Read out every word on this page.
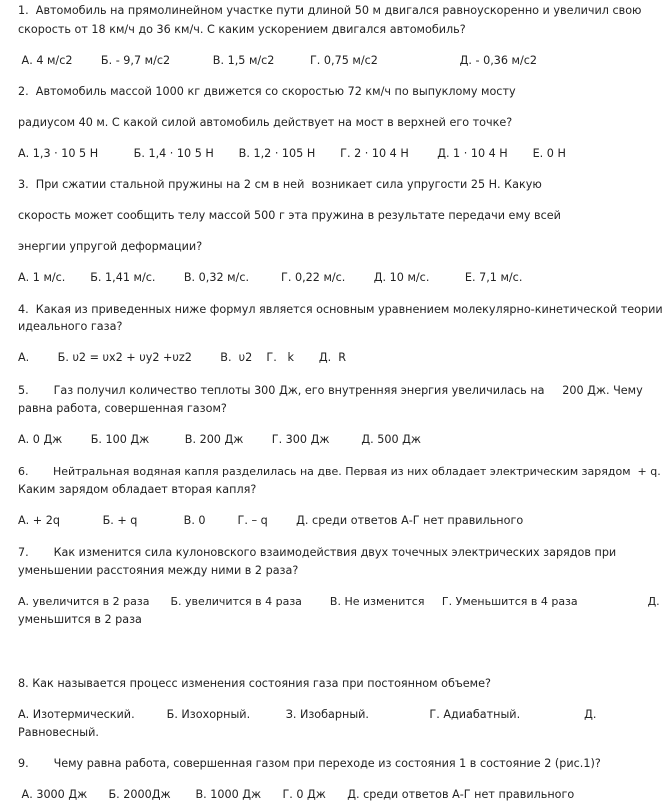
1.  Автомобиль на прямолинейном участке пути длиной 50 м двигался равноускоренно и увеличил свою
скорость от 18 км/ч до 36 км/ч. С каким ускорением двигался автомобиль?
А. 4 м/с2        Б. - 9,7 м/с2            В. 1,5 м/с2          Г. 0,75 м/с2                       Д. - 0,36 м/с2
2.  Автомобиль массой 1000 кг движется со скоростью 72 км/ч по выпуклому мосту
радиусом 40 м. С какой силой автомобиль действует на мост в верхней его точке?
А. 1,3 · 10 5 Н          Б. 1,4 · 10 5 Н       В. 1,2 · 105 Н       Г. 2 · 10 4 Н        Д. 1 · 10 4 Н       Е. 0 Н
3.  При сжатии стальной пружины на 2 см в ней  возникает сила упругости 25 Н. Какую
скорость может сообщить телу массой 500 г эта пружина в результате передачи ему всей
энергии упругой деформации?
А. 1 м/с.       Б. 1,41 м/с.        В. 0,32 м/с.         Г. 0,22 м/с.        Д. 10 м/с.          Е. 7,1 м/с.
4.  Какая из приведенных ниже формул является основным уравнением молекулярно-кинетической теории
идеального газа?
А.        Б. υ2 = υx2 + υy2 +υz2        В.  υ2    Г.   k       Д.  R
5.       Газ получил количество теплоты 300 Дж, его внутренняя энергия увеличилась на     200 Дж. Чему
равна работа, совершенная газом?
А. 0 Дж        Б. 100 Дж          В. 200 Дж        Г. 300 Дж         Д. 500 Дж
6.       Нейтральная водяная капля разделилась на две. Первая из них обладает электрическим зарядом  + q.
Каким зарядом обладает вторая капля?
А. + 2q            Б. + q             В. 0         Г. – q        Д. среди ответов А-Г нет правильного
7.       Как изменится сила кулоновского взаимодействия двух точечных электрических зарядов при
уменьшении расстояния между ними в 2 раза?
А. увеличится в 2 раза      Б. увеличится в 4 раза        В. Не изменится     Г. Уменьшится в 4 раза                    Д.
уменьшится в 2 раза
8. Как называется процесс изменения состояния газа при постоянном объеме?
А. Изотермический.         Б. Изохорный.          З. Изобарный.                 Г. Адиабатный.                  Д.
Равновесный.
9.       Чему равна работа, совершенная газом при переходе из состояния 1 в состояние 2 (рис.1)?
А. 3000 Дж      Б. 2000Дж       В. 1000 Дж      Г. 0 Дж      Д. среди ответов А-Г нет правильного
